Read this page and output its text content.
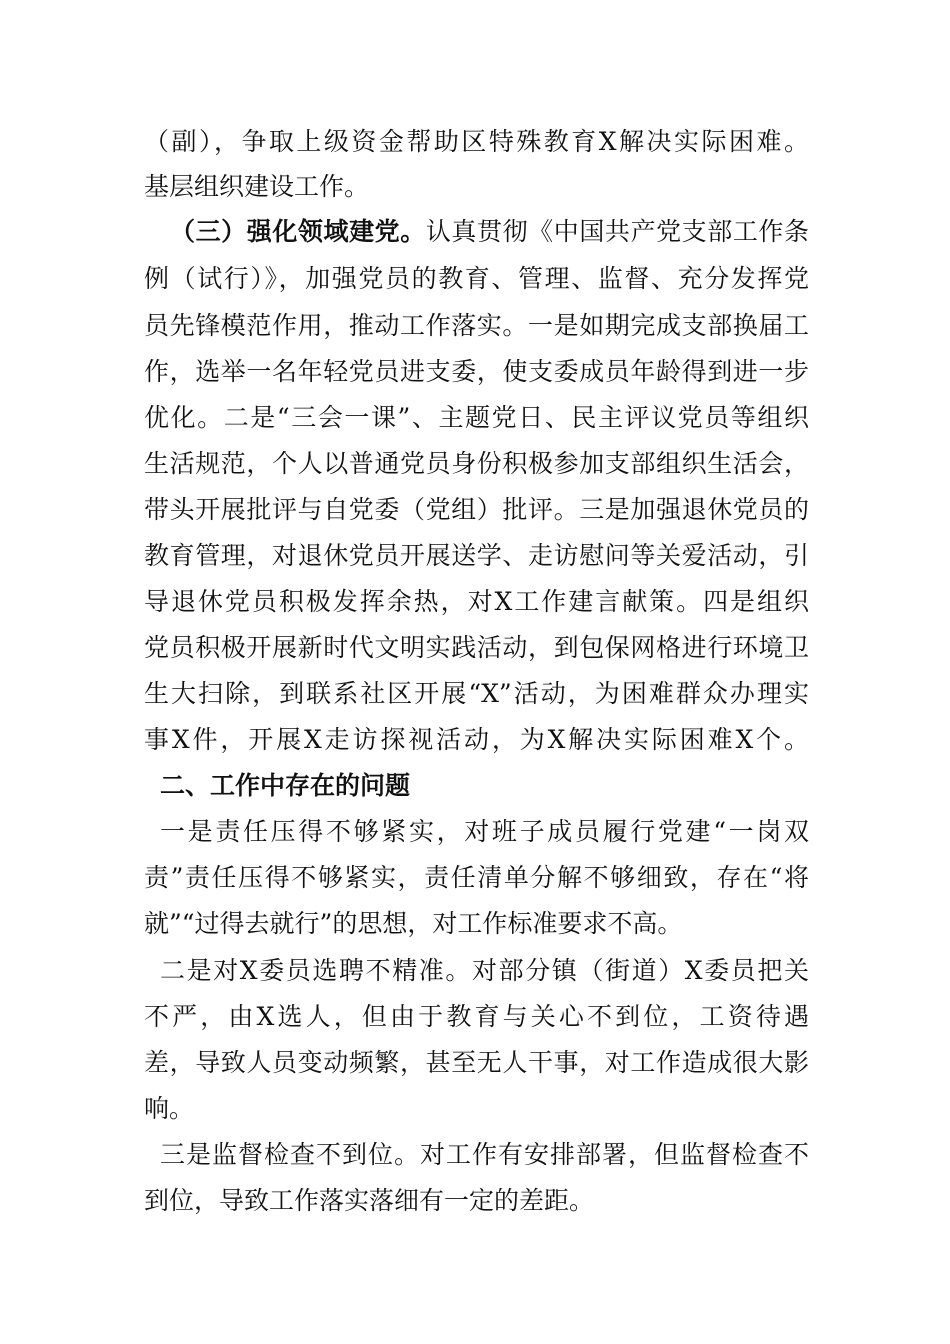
（副），争取上级资金帮助区特殊教育X解决实际困难。

基层组织建设工作。

（三）强化领域建党。认真贯彻《中国共产党支部工作条

例（试行）》，加强党员的教育、管理、监督、充分发挥党

员先锋模范作用，推动工作落实。一是如期完成支部换届工

作，选举一名年轻党员进支委，使支委成员年龄得到进一步

优化。二是“三会一课”、主题党日、民主评议党员等组织

生活规范，个人以普通党员身份积极参加支部组织生活会，

带头开展批评与自党委（党组）批评。三是加强退休党员的

教育管理，对退休党员开展送学、走访慰问等关爱活动，引

导退休党员积极发挥余热，对X工作建言献策。四是组织

党员积极开展新时代文明实践活动，到包保网格进行环境卫

生大扫除，到联系社区开展“X”活动，为困难群众办理实

事X件，开展X走访探视活动，为X解决实际困难X个。

二、工作中存在的问题

一是责任压得不够紧实，对班子成员履行党建“一岗双

责”责任压得不够紧实，责任清单分解不够细致，存在“将

就”“过得去就行”的思想，对工作标准要求不高。

二是对X委员选聘不精准。对部分镇（街道）X委员把关

不严，由X选人，但由于教育与关心不到位，工资待遇

差，导致人员变动频繁，甚至无人干事，对工作造成很大影

响。

三是监督检查不到位。对工作有安排部署，但监督检查不

到位，导致工作落实落细有一定的差距。
